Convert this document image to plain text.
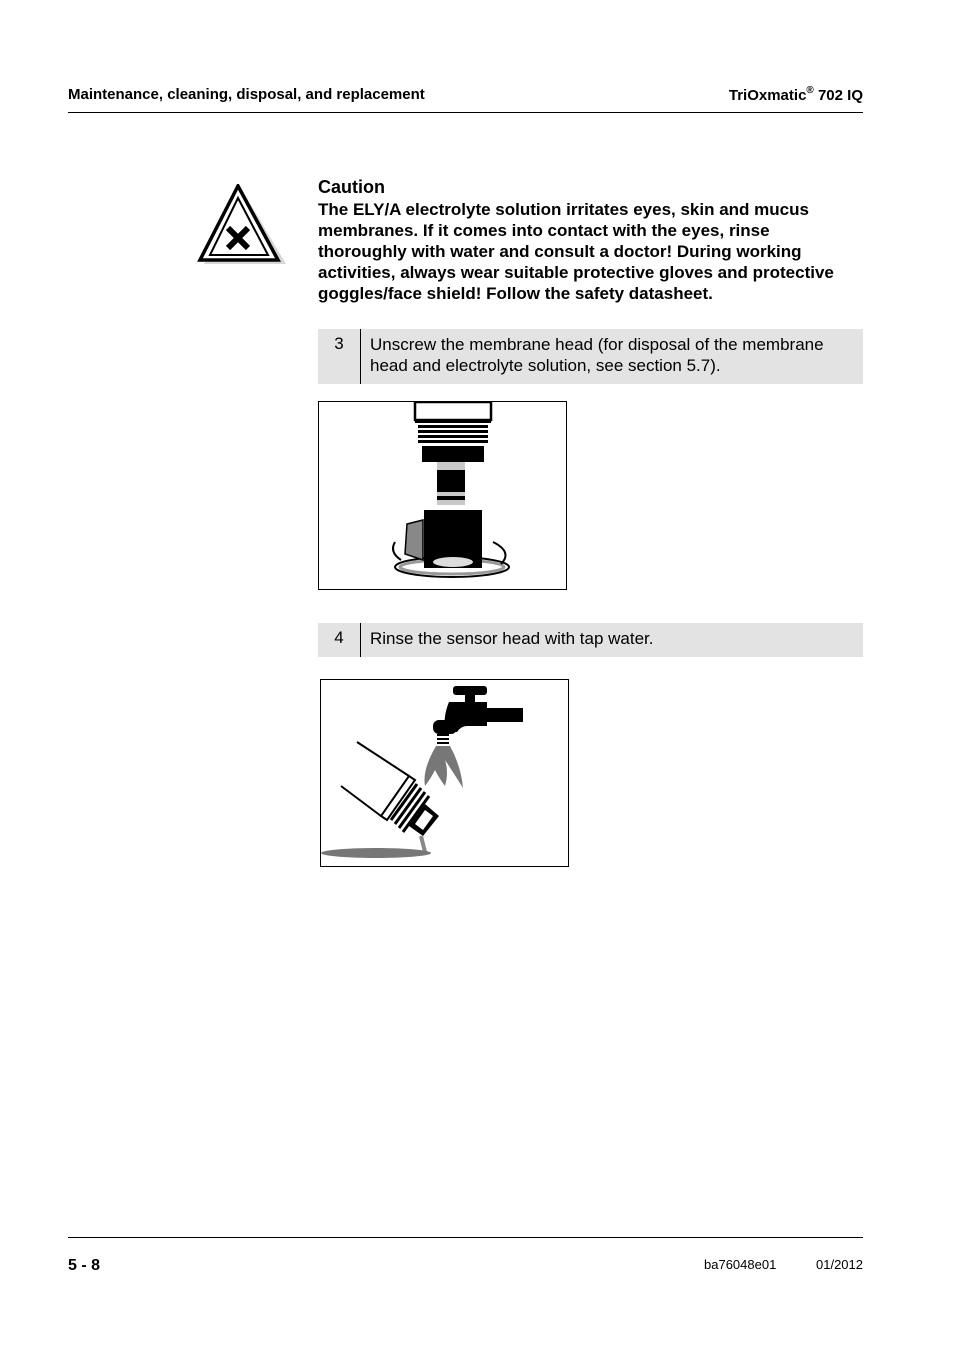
Maintenance, cleaning, disposal, and replacement	TriOxmatic® 702 IQ
Caution
The ELY/A electrolyte solution irritates eyes, skin and mucus membranes. If it comes into contact with the eyes, rinse thoroughly with water and consult a doctor! During working activities, always wear suitable protective gloves and protective goggles/face shield! Follow the safety datasheet.
3	Unscrew the membrane head (for disposal of the membrane head and electrolyte solution, see section 5.7).
4	Rinse the sensor head with tap water.
5 - 8	ba76048e01	01/2012
